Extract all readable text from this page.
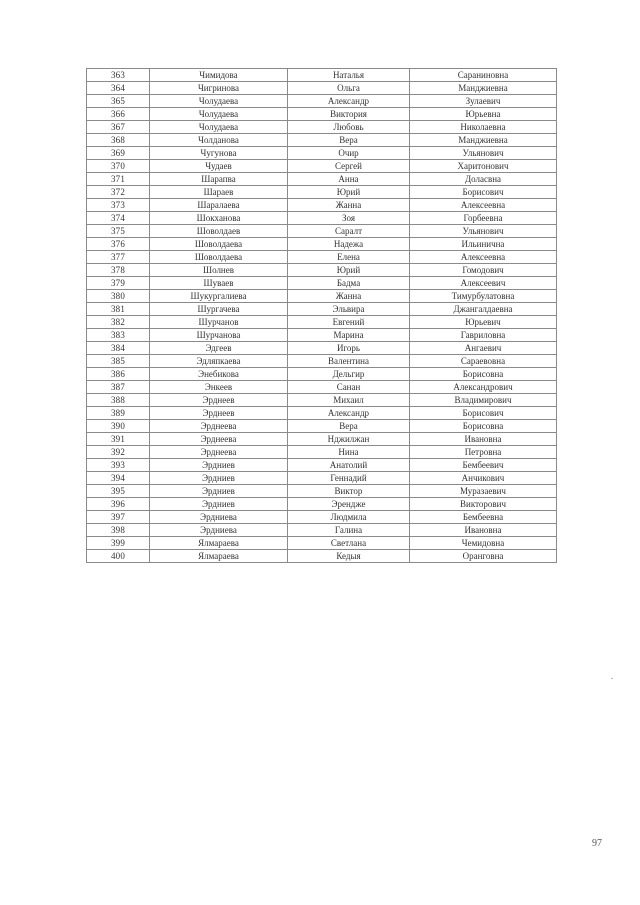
363	Чимидова	Наталья	Сараниновна
364	Чигринова	Ольга	Манджиевна
365	Чолудаева	Александр	Зулаевич
366	Чолудаева	Виктория	Юрьевна
367	Чолудаева	Любовь	Николаевна
368	Чолданова	Вера	Манджиевна
369	Чугунова	Очир	Ульянович
370	Чудаев	Сергей	Харитонович
371	Шарапва	Анна	Доласвна
372	Шараев	Юрий	Борисович
373	Шаралаева	Жанна	Алексеевна
374	Шокханова	Зоя	Горбеевна
375	Шоволдаев	Саралт	Ульянович
376	Шоволдаева	Надежа	Ильинична
377	Шоволдаева	Елена	Алексеевна
378	Шолнев	Юрий	Гомодович
379	Шуваев	Бадма	Алексеевич
380	Шукургалиева	Жанна	Тимурбулатовна
381	Шургачева	Эльвира	Джангалдаевна
382	Шурчанов	Евгений	Юрьевич
383	Шурчанова	Марина	Гавриловна
384	Эдгеев	Игорь	Ангаевич
385	Эдляпкаева	Валентина	Сараевовна
386	Энебикова	Дельгир	Борисовна
387	Энкеев	Санан	Александрович
388	Эрднеев	Михаил	Владимирович
389	Эрднеев	Александр	Борисович
390	Эрднеева	Вера	Борисовна
391	Эрднеева	Нджилжан	Ивановна
392	Эрднеева	Нина	Петровна
393	Эрдниев	Анатолий	Бембеевич
394	Эрдниев	Геннадий	Анчикович
395	Эрдниев	Виктор	Муразаевич
396	Эрдниев	Эрендже	Викторович
397	Эрдниева	Людмила	Бембеевна
398	Эрдниева	Галина	Ивановна
399	Ялмараева	Светлана	Чемидовна
400	Ялмараева	Кедыя	Оранговна
97
